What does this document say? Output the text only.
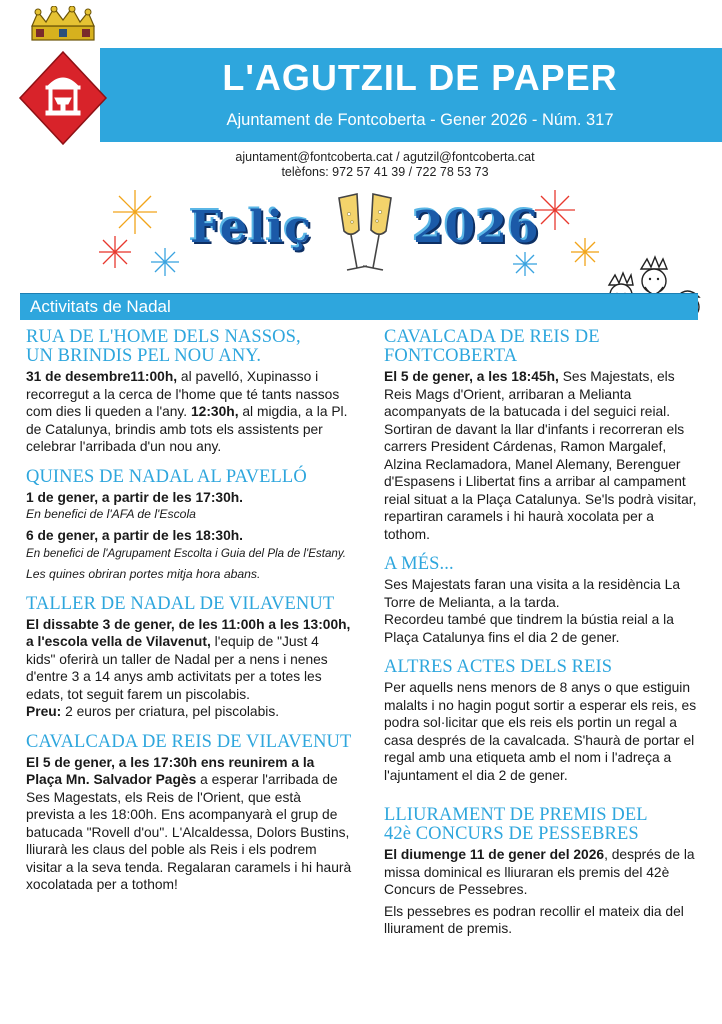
L'AGUTZIL DE PAPER
Ajuntament de Fontcoberta - Gener 2026 - Núm. 317
ajuntament@fontcoberta.cat / agutzil@fontcoberta.cat
telèfons: 972 57 41 39 / 722 78 53 73
Feliç 2026
Activitats de Nadal
RUA DE L'HOME DELS NASSOS,
UN BRINDIS PEL NOU ANY.
31 de desembre11:00h, al pavelló, Xupinasso i recorregut a la cerca de l'home que té tants nassos com dies li queden a l'any. 12:30h, al migdia, a la Pl. de Catalunya, brindis amb tots els assistents per celebrar l'arribada d'un nou any.
QUINES DE NADAL AL PAVELLÓ
1 de gener, a partir de les 17:30h.
En benefici de l'AFA de l'Escola
6 de gener, a partir de les 18:30h.
En benefici de l'Agrupament Escolta i Guia del Pla de l'Estany.
Les quines obriran portes mitja hora abans.
TALLER DE NADAL DE VILAVENUT
El dissabte 3 de gener, de les 11:00h a les 13:00h, a l'escola vella de Vilavenut, l'equip de "Just 4 kids" oferirà un taller de Nadal per a nens i nenes d'entre 3 a 14 anys amb activitats per a totes les edats, tot seguit farem un piscolabis.
Preu: 2 euros per criatura, pel piscolabis.
CAVALCADA DE REIS DE VILAVENUT
El 5 de gener, a les 17:30h ens reunirem a la Plaça Mn. Salvador Pagès a esperar l'arribada de Ses Magestats, els Reis de l'Orient, que està prevista a les 18:00h. Ens acompanyarà el grup de batucada "Rovell d'ou". L'Alcaldessa, Dolors Bustins, lliurarà les claus del poble als Reis i els podrem visitar a la seva tenda. Regalaran caramels i hi haurà xocolatada per a tothom!
CAVALCADA DE REIS DE
FONTCOBERTA
El 5 de gener, a les 18:45h, Ses Majestats, els Reis Mags d'Orient, arribaran a Melianta acompanyats de la batucada i del seguici reial. Sortiran de davant la llar d'infants i recorreran els carrers President Cárdenas, Ramon Margalef, Alzina Reclamadora, Manel Alemany, Berenguer d'Espasens i Llibertat fins a arribar al campament reial situat a la Plaça Catalunya. Se'ls podrà visitar, repartiran caramels i hi haurà xocolata per a tothom.
A MÉS...
Ses Majestats faran una visita a la residència La Torre de Melianta, a la tarda.
Recordeu també que tindrem la bústia reial a la Plaça Catalunya fins el dia 2 de gener.
ALTRES ACTES DELS REIS
Per aquells nens menors de 8 anys o que estiguin malalts i no hagin pogut sortir a esperar els reis, es podra sol·licitar que els reis els portin un regal a casa després de la cavalcada. S'haurà de portar el regal amb una etiqueta amb el nom i l'adreça a l'ajuntament el dia 2 de gener.
LLIURAMENT DE PREMIS DEL
42è CONCURS DE PESSEBRES
El diumenge 11 de gener del 2026, després de la missa dominical es lliuraran els premis del 42è Concurs de Pessebres.
Els pessebres es podran recollir el mateix dia del lliurament de premis.
